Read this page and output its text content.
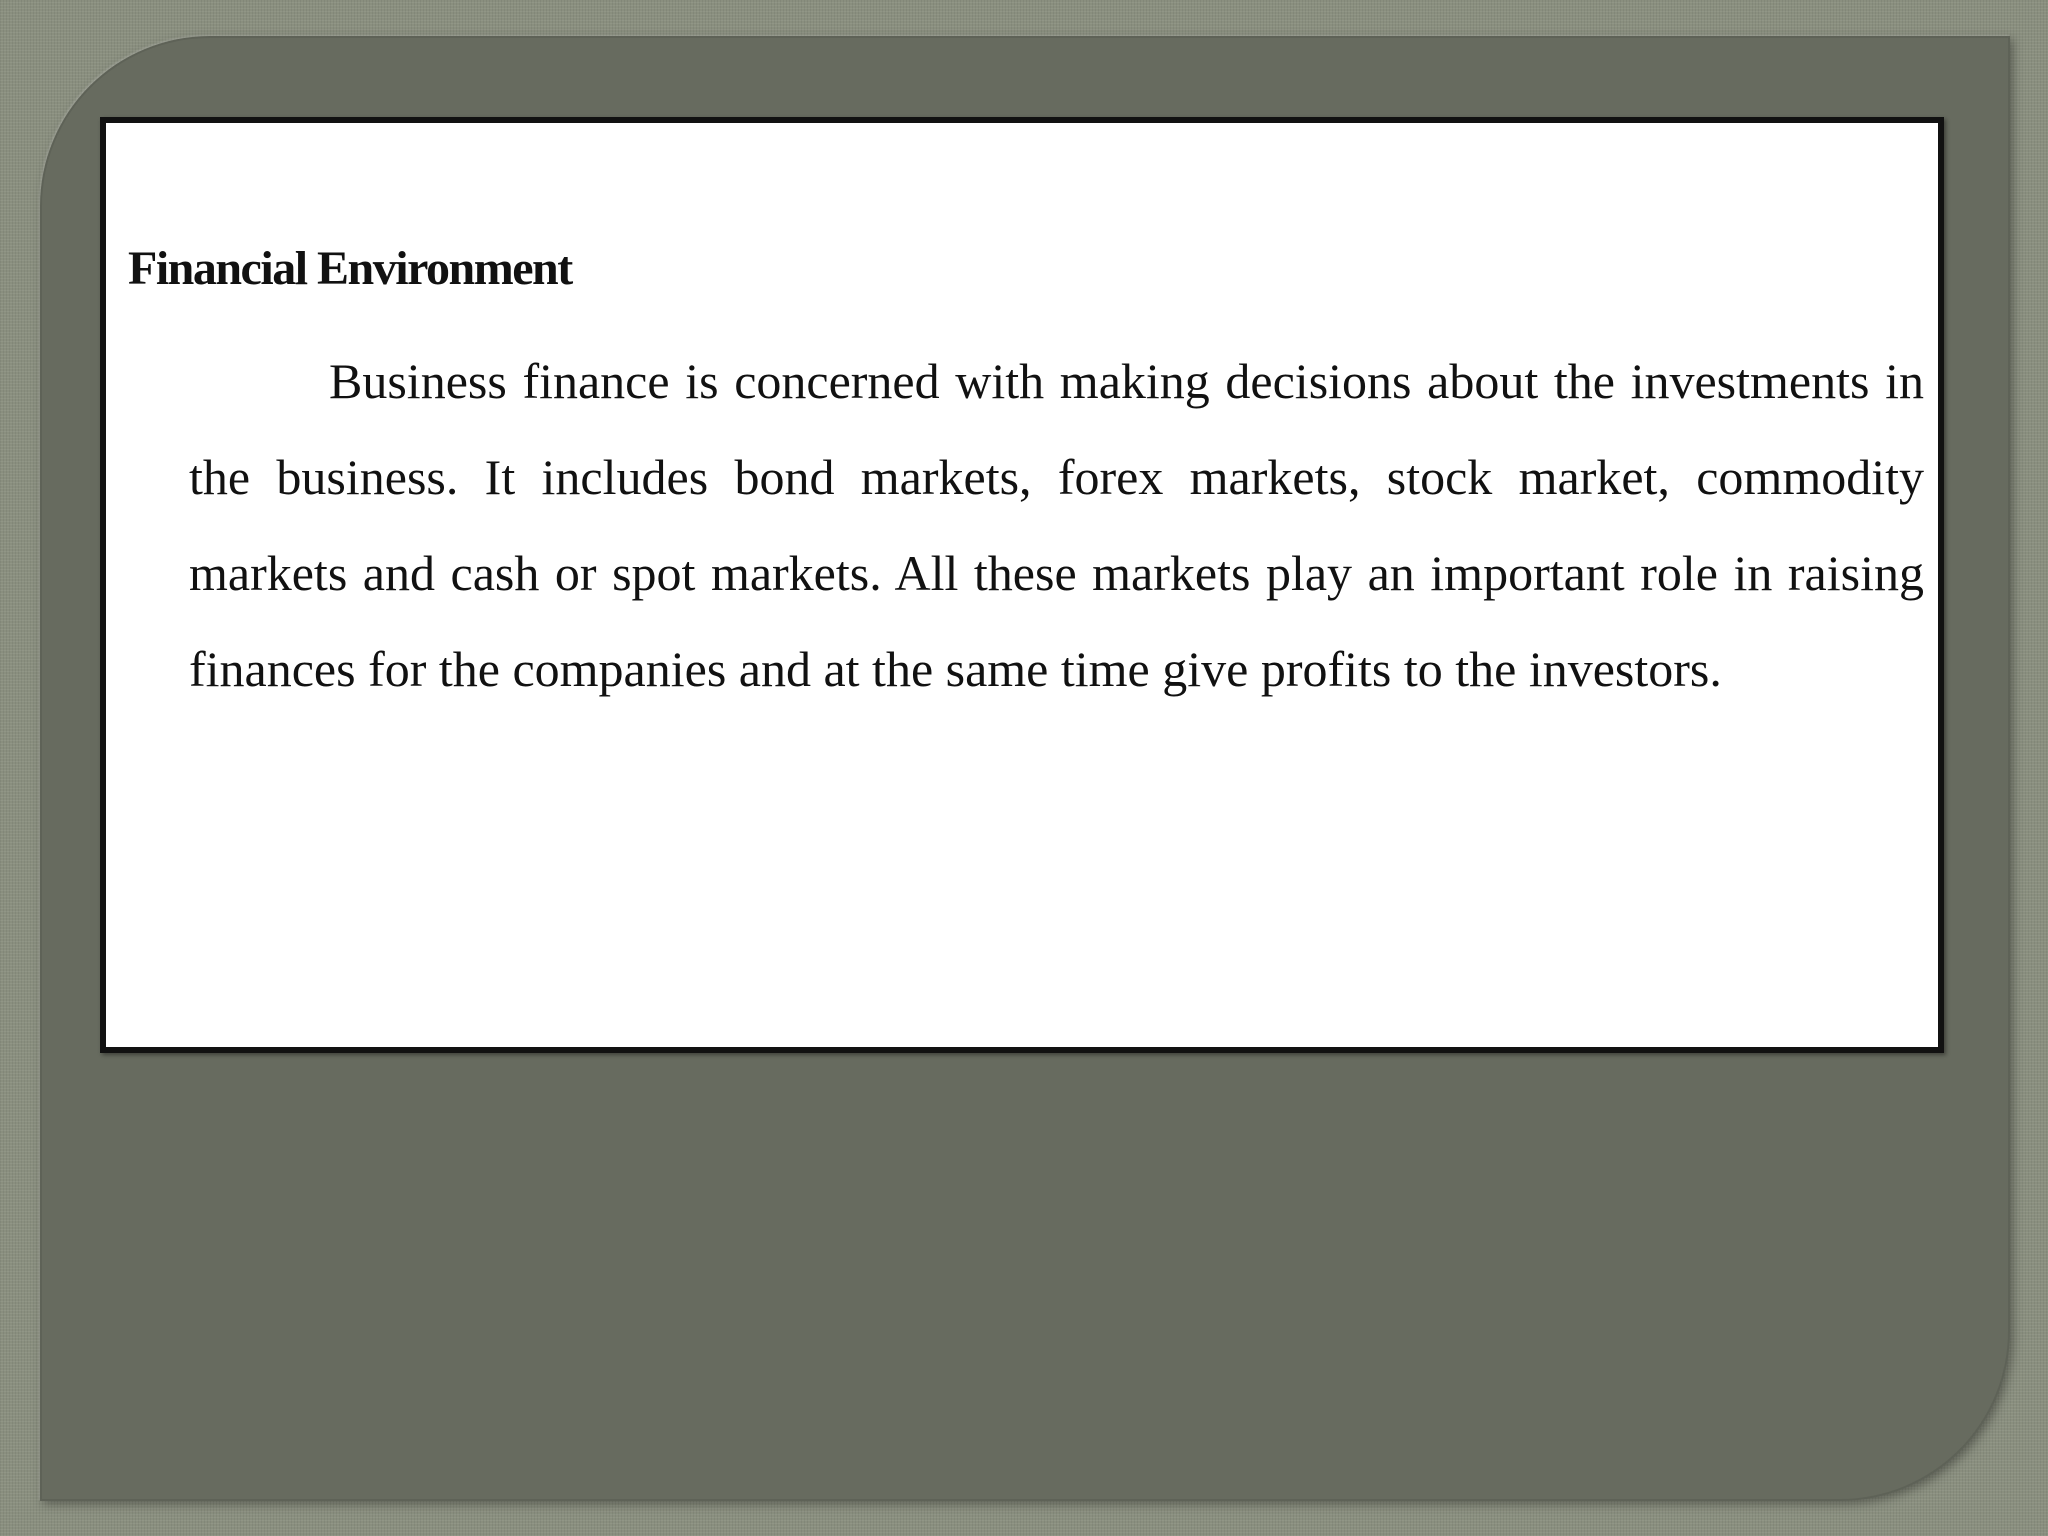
Financial Environment

Business finance is concerned with making decisions about the investments in the business. It includes bond markets, forex markets, stock market, commodity markets and cash or spot markets. All these markets play an important role in raising finances for the companies and at the same time give profits to the investors.
